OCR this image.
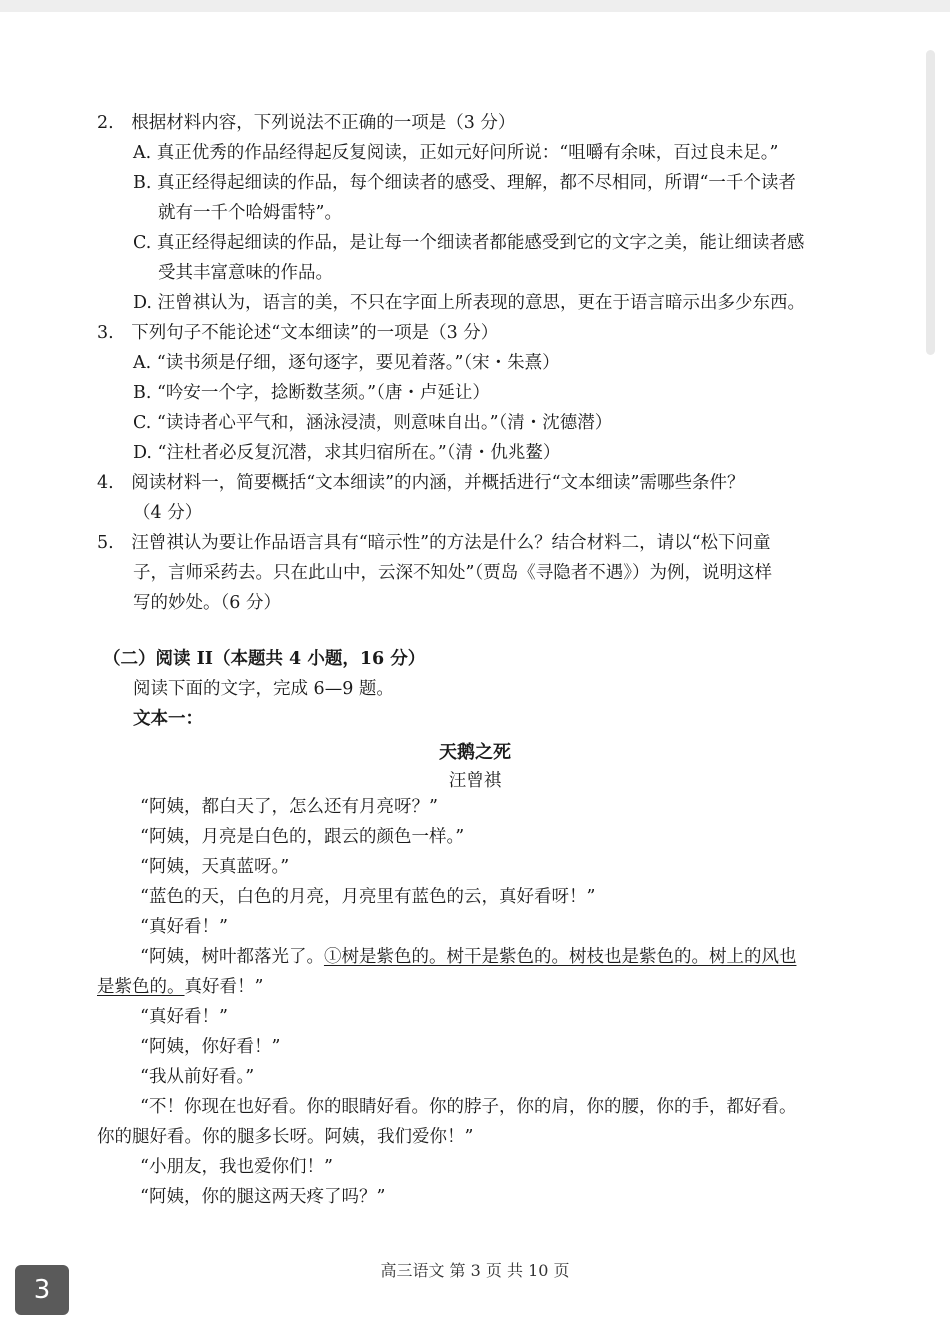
2.　根据材料内容，下列说法不正确的一项是（3 分）
A. 真正优秀的作品经得起反复阅读，正如元好问所说：“咀嚼有余味，百过良未足。”
B. 真正经得起细读的作品，每个细读者的感受、理解，都不尽相同，所谓“一千个读者
就有一千个哈姆雷特”。
C. 真正经得起细读的作品，是让每一个细读者都能感受到它的文字之美，能让细读者感
受其丰富意味的作品。
D. 汪曾祺认为，语言的美，不只在字面上所表现的意思，更在于语言暗示出多少东西。
3.　下列句子不能论述“文本细读”的一项是（3 分）
A. “读书须是仔细，逐句逐字，要见着落。”（宋・朱熹）
B. “吟安一个字，捻断数茎须。”（唐・卢延让）
C. “读诗者心平气和，涵泳浸渍，则意味自出。”（清・沈德潜）
D. “注杜者必反复沉潜，求其归宿所在。”（清・仇兆鳌）
4.　阅读材料一，简要概括“文本细读”的内涵，并概括进行“文本细读”需哪些条件？
（4 分）
5.　汪曾祺认为要让作品语言具有“暗示性”的方法是什么？结合材料二，请以“松下问童
子，言师采药去。只在此山中，云深不知处”（贾岛《寻隐者不遇》）为例，说明这样
写的妙处。（6 分）
（二）阅读 II（本题共 4 小题，16 分）
阅读下面的文字，完成 6—9 题。
文本一：
天鹅之死
汪曾祺
“阿姨，都白天了，怎么还有月亮呀？”
“阿姨，月亮是白色的，跟云的颜色一样。”
“阿姨，天真蓝呀。”
“蓝色的天，白色的月亮，月亮里有蓝色的云，真好看呀！”
“真好看！”
“阿姨，树叶都落光了。①树是紫色的。树干是紫色的。树枝也是紫色的。树上的风也
是紫色的。真好看！”
“真好看！”
“阿姨，你好看！”
“我从前好看。”
“不！你现在也好看。你的眼睛好看。你的脖子，你的肩，你的腰，你的手，都好看。
你的腿好看。你的腿多长呀。阿姨，我们爱你！”
“小朋友，我也爱你们！”
“阿姨，你的腿这两天疼了吗？”
高三语文 第 3 页 共 10 页
3
